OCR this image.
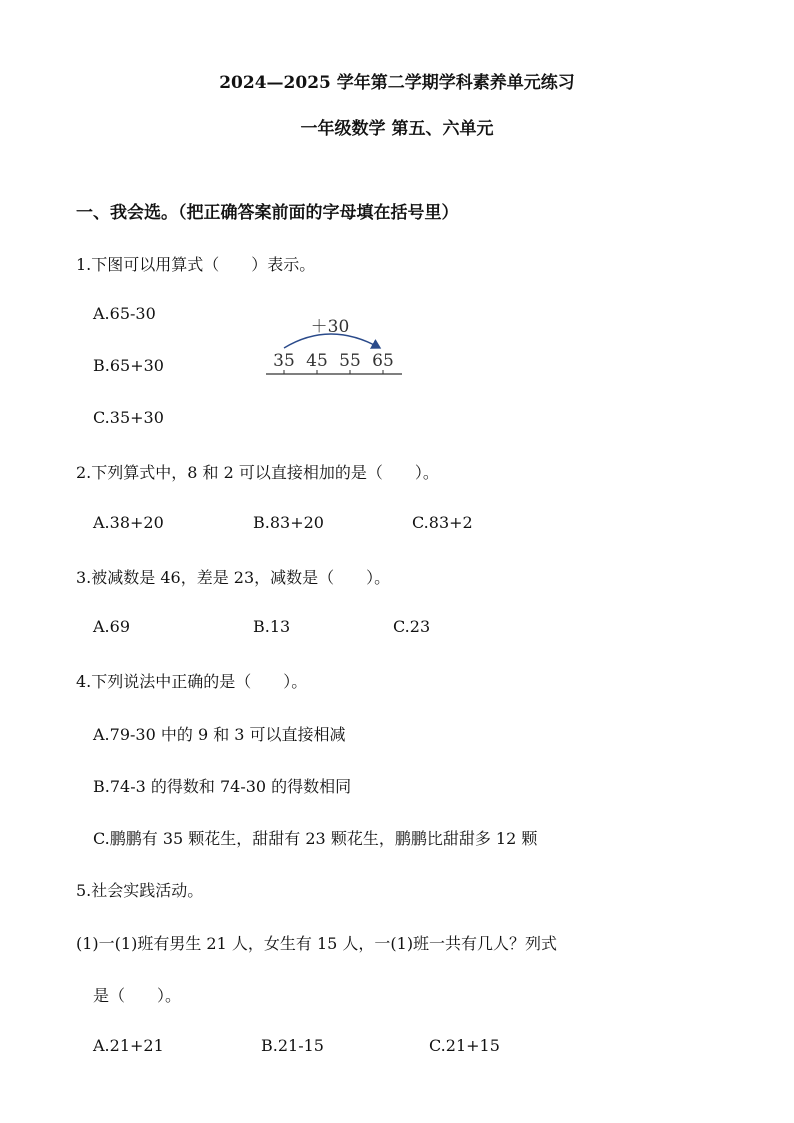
2024—2025 学年第二学期学科素养单元练习
一年级数学 第五、六单元
一、我会选。（把正确答案前面的字母填在括号里）
1.下图可以用算式（　　）表示。
A.65-30
B.65+30
C.35+30
＋30
35 45 55 65
2.下列算式中，8 和 2 可以直接相加的是（　　）。
A.38+20	B.83+20	C.83+2
3.被减数是 46，差是 23，减数是（　　）。
A.69	B.13	C.23
4.下列说法中正确的是（　　）。
A.79-30 中的 9 和 3 可以直接相减
B.74-3 的得数和 74-30 的得数相同
C.鹏鹏有 35 颗花生，甜甜有 23 颗花生，鹏鹏比甜甜多 12 颗
5.社会实践活动。
(1)一(1)班有男生 21 人，女生有 15 人，一(1)班一共有几人？列式
是（　　）。
A.21+21	B.21-15	C.21+15
